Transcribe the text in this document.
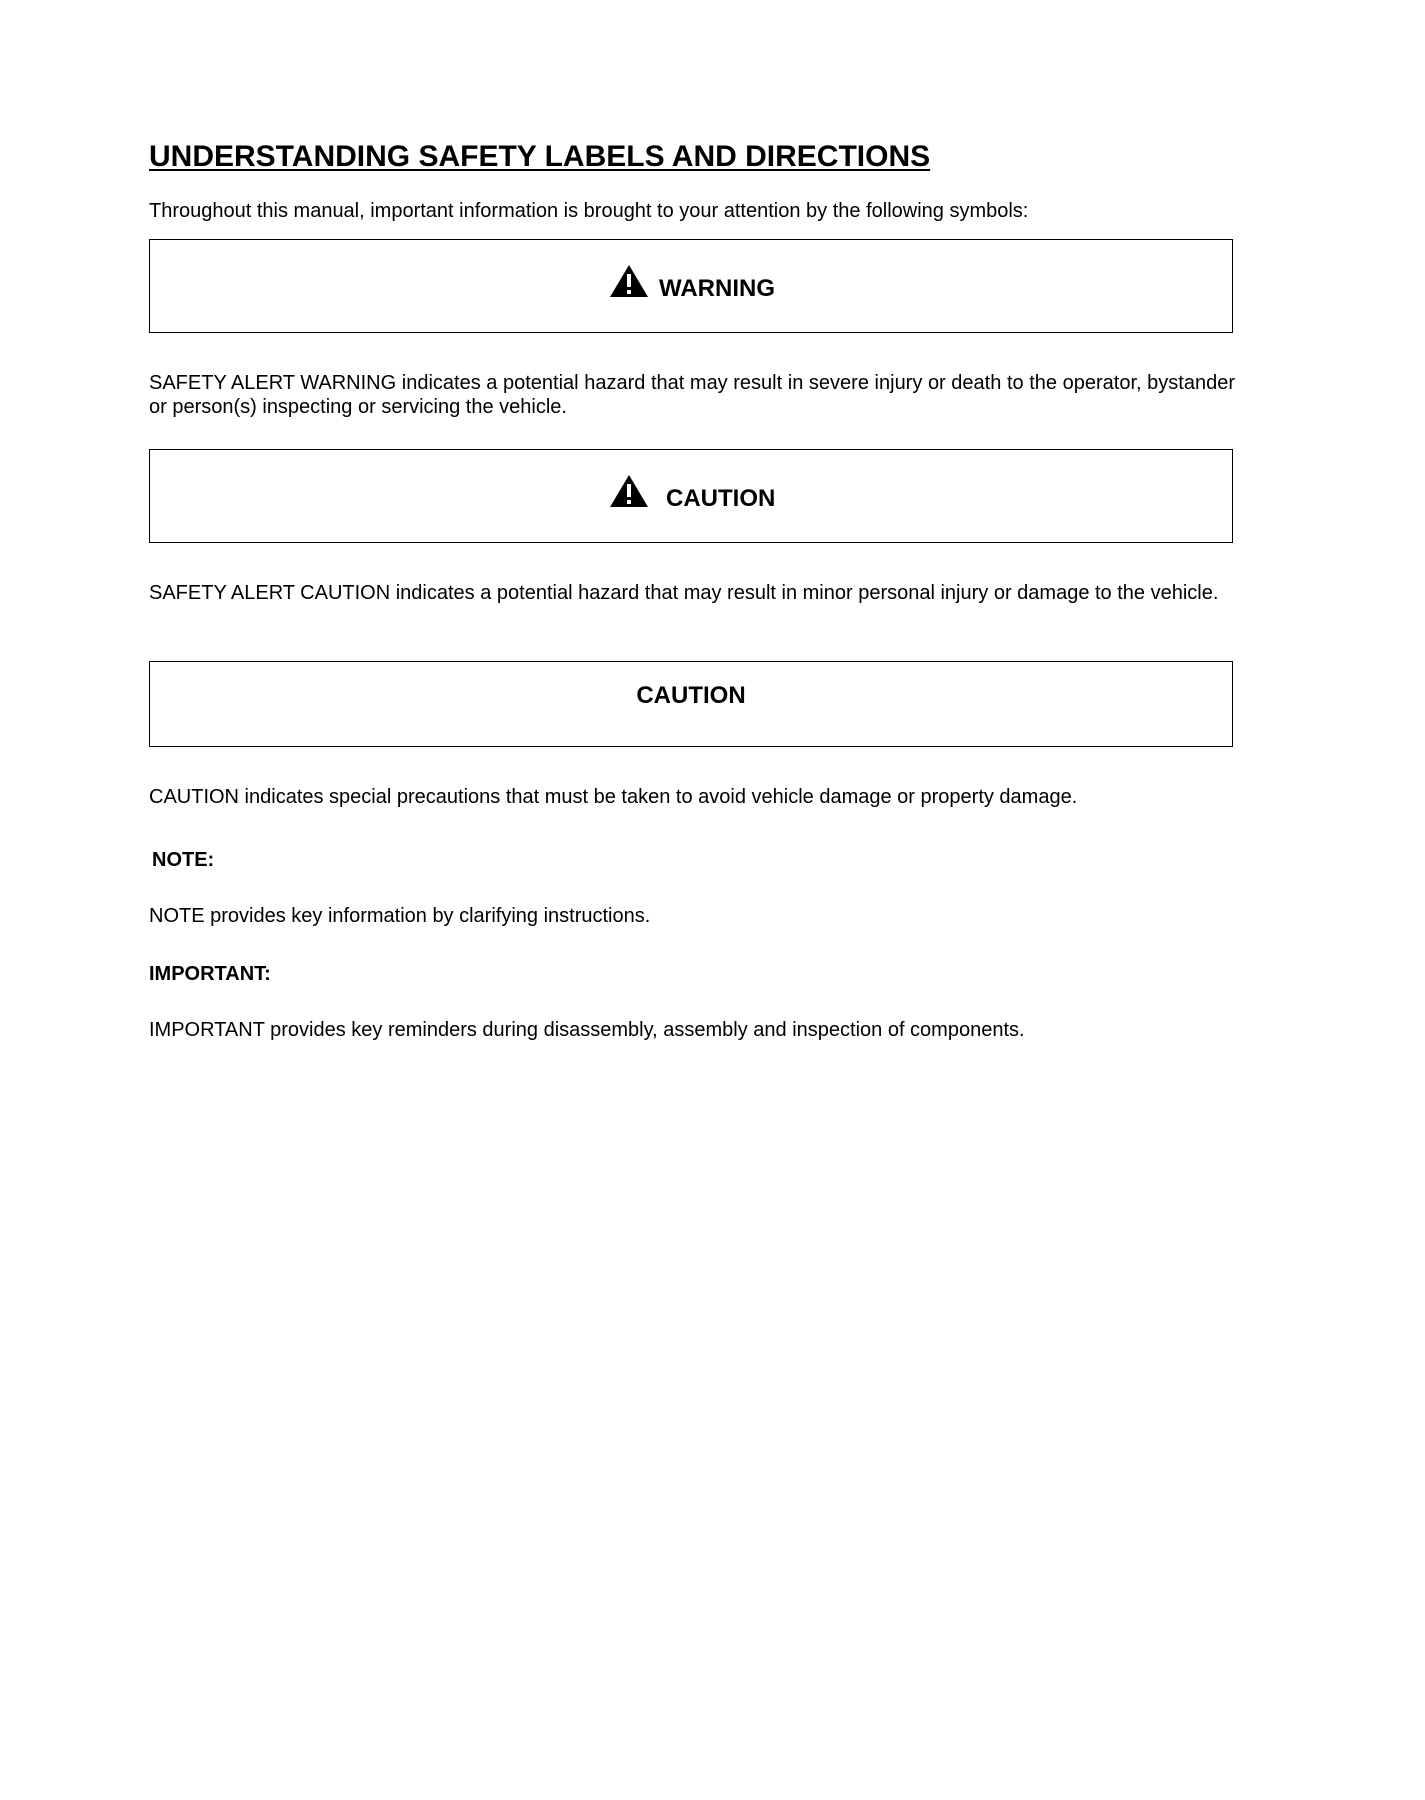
UNDERSTANDING SAFETY LABELS AND DIRECTIONS
Throughout this manual, important information is brought to your attention by the following symbols:
WARNING
SAFETY ALERT WARNING indicates a potential hazard that may result in severe injury or death to the operator, bystander or person(s) inspecting or servicing the vehicle.
CAUTION
SAFETY ALERT CAUTION indicates a potential hazard that may result in minor personal injury or damage to the vehicle.
CAUTION
CAUTION indicates special precautions that must be taken to avoid vehicle damage or property damage.
NOTE:
NOTE provides key information by clarifying instructions.
IMPORTANT:
IMPORTANT provides key reminders during disassembly, assembly and inspection of components.
